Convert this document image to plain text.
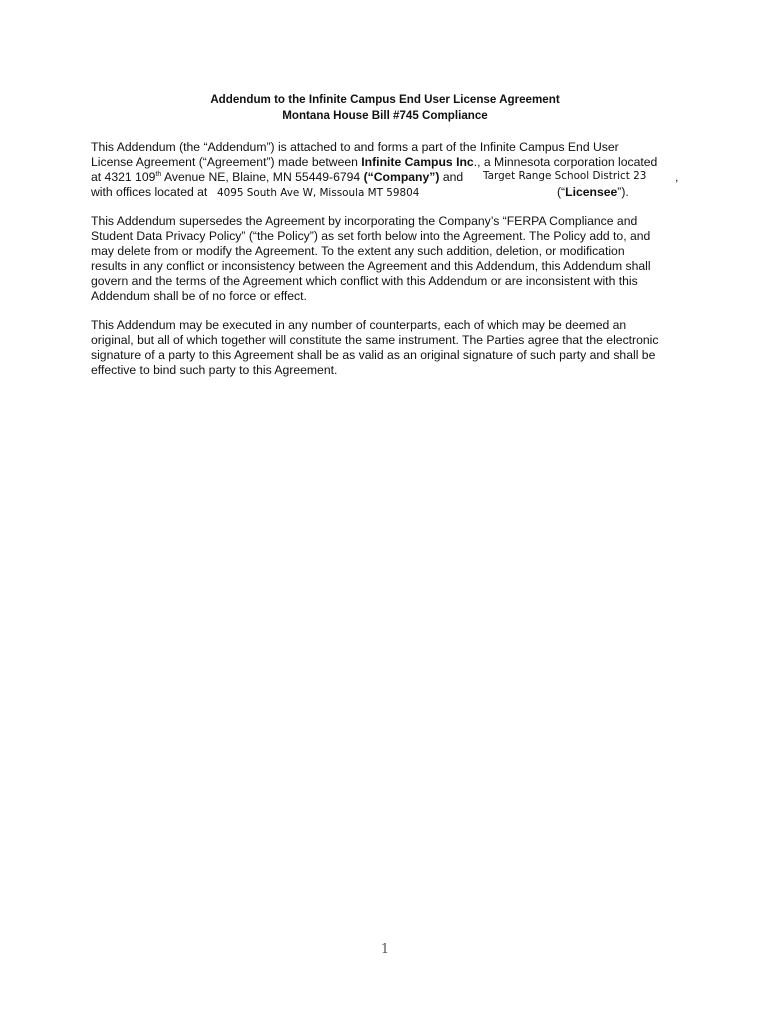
Addendum to the Infinite Campus End User License Agreement
Montana House Bill #745 Compliance
This Addendum (the “Addendum”) is attached to and forms a part of the Infinite Campus End User
License Agreement (“Agreement”) made between Infinite Campus Inc., a Minnesota corporation located
at 4321 109th Avenue NE, Blaine, MN 55449-6794 (“Company”) and Target Range School District 23 ,
with offices located at 4095 South Ave W, Missoula MT 59804	(“Licensee”).
This Addendum supersedes the Agreement by incorporating the Company’s “FERPA Compliance and
Student Data Privacy Policy” (“the Policy”) as set forth below into the Agreement. The Policy add to, and
may delete from or modify the Agreement. To the extent any such addition, deletion, or modification
results in any conflict or inconsistency between the Agreement and this Addendum, this Addendum shall
govern and the terms of the Agreement which conflict with this Addendum or are inconsistent with this
Addendum shall be of no force or effect.
This Addendum may be executed in any number of counterparts, each of which may be deemed an
original, but all of which together will constitute the same instrument. The Parties agree that the electronic
signature of a party to this Agreement shall be as valid as an original signature of such party and shall be
effective to bind such party to this Agreement.
1
